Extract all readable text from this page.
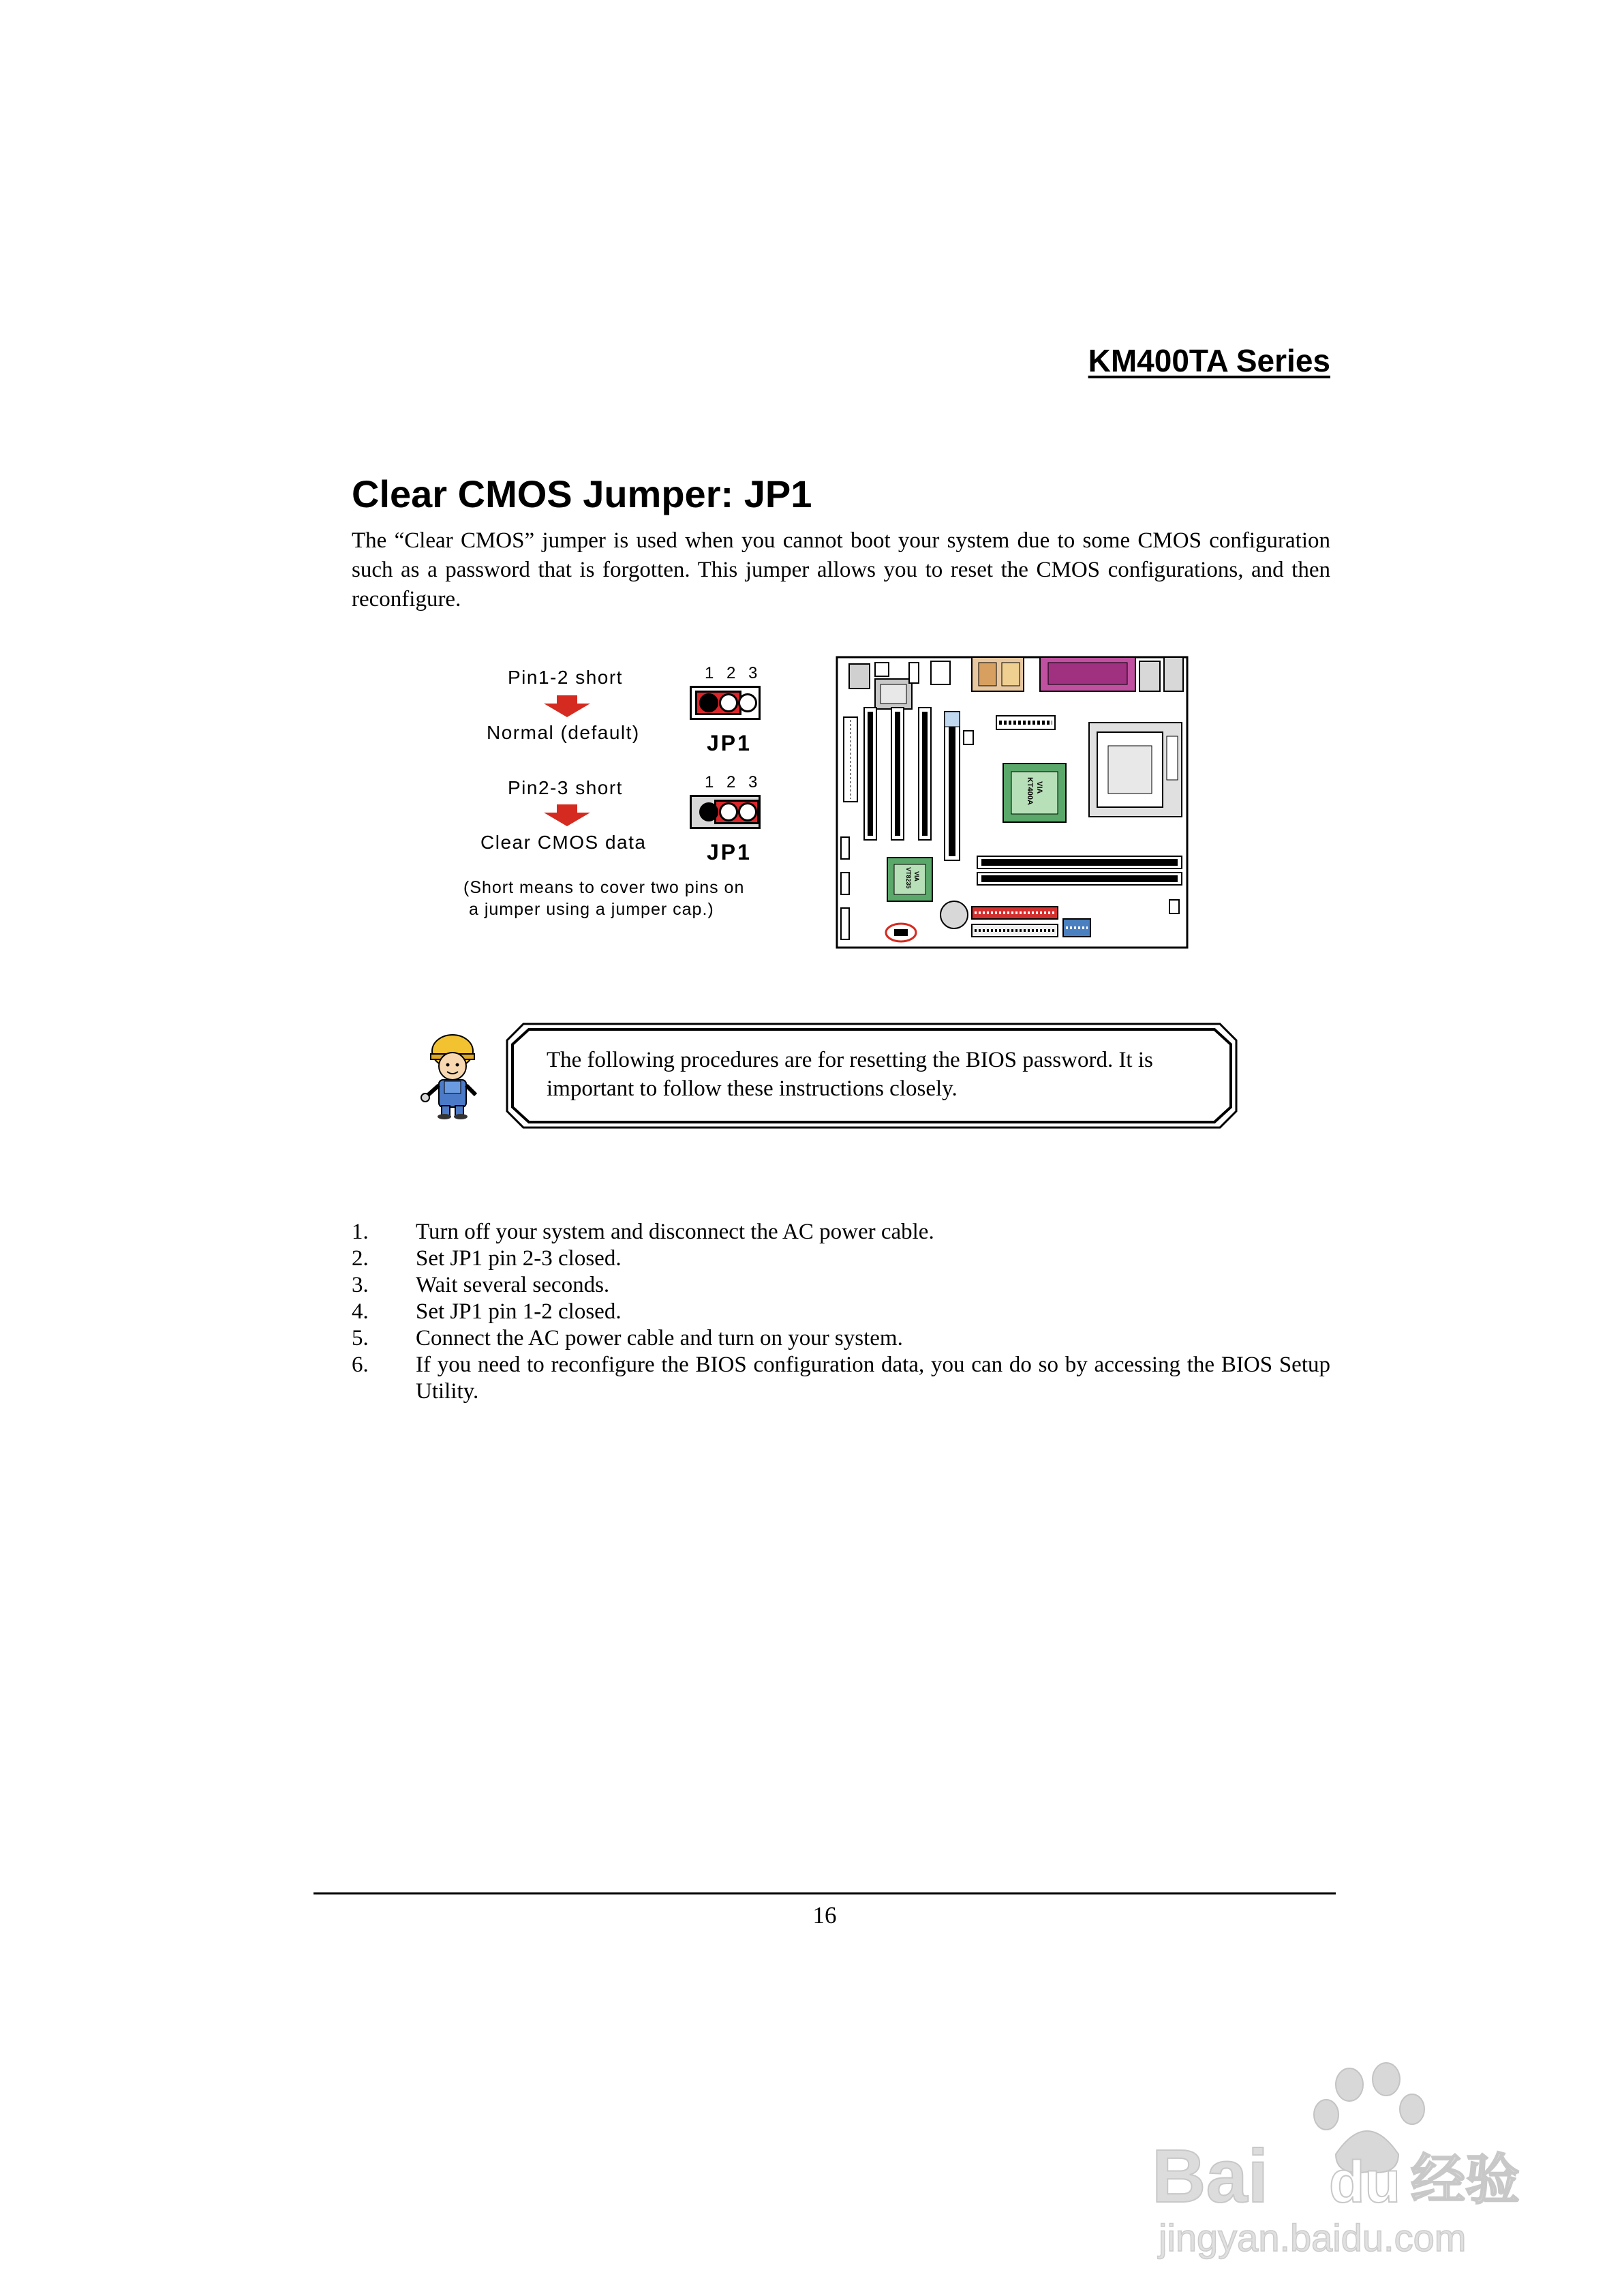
KM400TA Series
Clear CMOS Jumper: JP1

The “Clear CMOS” jumper is used when you cannot boot your system due to some CMOS configuration such as a password that is forgotten. This jumper allows you to reset the CMOS configurations, and then reconfigure.

Pin1-2 short
Normal (default)
1 2 3
JP1
Pin2-3 short
Clear CMOS data
1 2 3
JP1
(Short means to cover two pins on
a jumper using a jumper cap.)
VIA
KT400A
VIA
VT8235

The following procedures are for resetting the BIOS password. It is important to follow these instructions closely.

1. Turn off your system and disconnect the AC power cable.
2. Set JP1 pin 2-3 closed.
3. Wait several seconds.
4. Set JP1 pin 1-2 closed.
5. Connect the AC power cable and turn on your system.
6. If you need to reconfigure the BIOS configuration data, you can do so by accessing the BIOS Setup Utility.
16
Bai du 经验
jingyan.baidu.com
